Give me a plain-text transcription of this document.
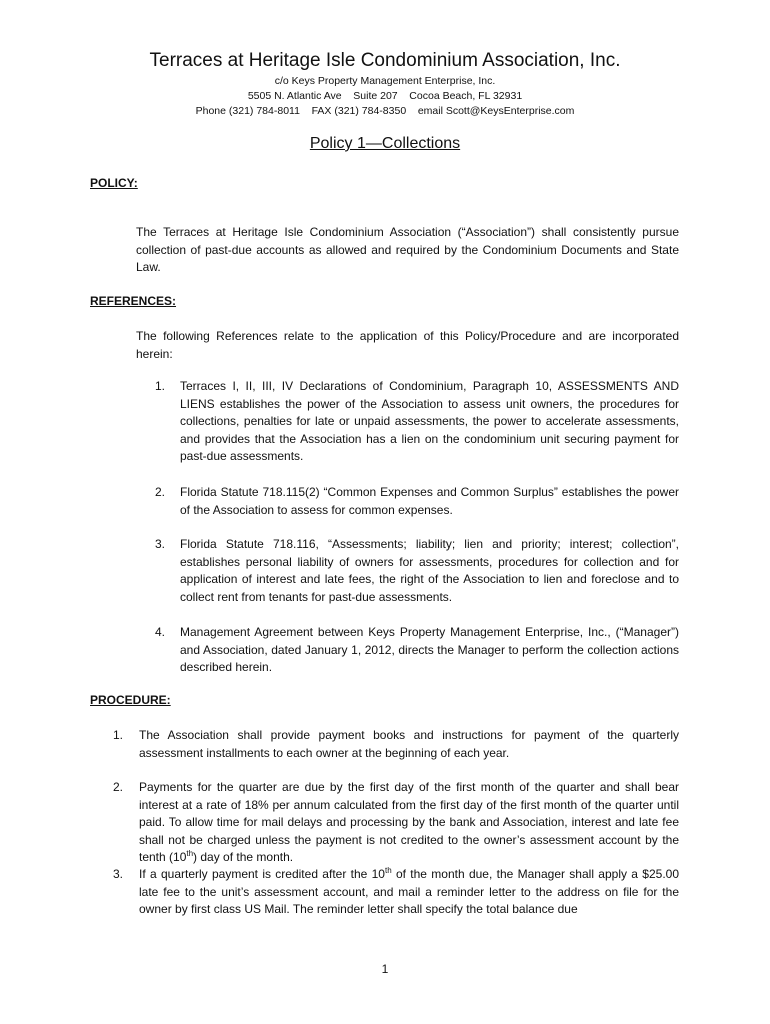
Terraces at Heritage Isle Condominium Association, Inc.
c/o Keys Property Management Enterprise, Inc.
5505 N. Atlantic Ave    Suite 207    Cocoa Beach, FL 32931
Phone (321) 784-8011    FAX (321) 784-8350    email Scott@KeysEnterprise.com
Policy 1—Collections
POLICY:
The Terraces at Heritage Isle Condominium Association (“Association”) shall consistently pursue collection of past-due accounts as allowed and required by the Condominium Documents and State Law.
REFERENCES:
The following References relate to the application of this Policy/Procedure and are incorporated herein:
1. Terraces I, II, III, IV Declarations of Condominium, Paragraph 10, ASSESSMENTS AND LIENS establishes the power of the Association to assess unit owners, the procedures for collections, penalties for late or unpaid assessments, the power to accelerate assessments, and provides that the Association has a lien on the condominium unit securing payment for past-due assessments.
2. Florida Statute 718.115(2) “Common Expenses and Common Surplus” establishes the power of the Association to assess for common expenses.
3. Florida Statute 718.116, “Assessments; liability; lien and priority; interest; collection”, establishes personal liability of owners for assessments, procedures for collection and for application of interest and late fees, the right of the Association to lien and foreclose and to collect rent from tenants for past-due assessments.
4. Management Agreement between Keys Property Management Enterprise, Inc., (“Manager”) and Association, dated January 1, 2012, directs the Manager to perform the collection actions described herein.
PROCEDURE:
1. The Association shall provide payment books and instructions for payment of the quarterly assessment installments to each owner at the beginning of each year.
2. Payments for the quarter are due by the first day of the first month of the quarter and shall bear interest at a rate of 18% per annum calculated from the first day of the first month of the quarter until paid. To allow time for mail delays and processing by the bank and Association, interest and late fee shall not be charged unless the payment is not credited to the owner’s assessment account by the tenth (10th) day of the month.
3. If a quarterly payment is credited after the 10th of the month due, the Manager shall apply a $25.00 late fee to the unit’s assessment account, and mail a reminder letter to the address on file for the owner by first class US Mail. The reminder letter shall specify the total balance due
1
